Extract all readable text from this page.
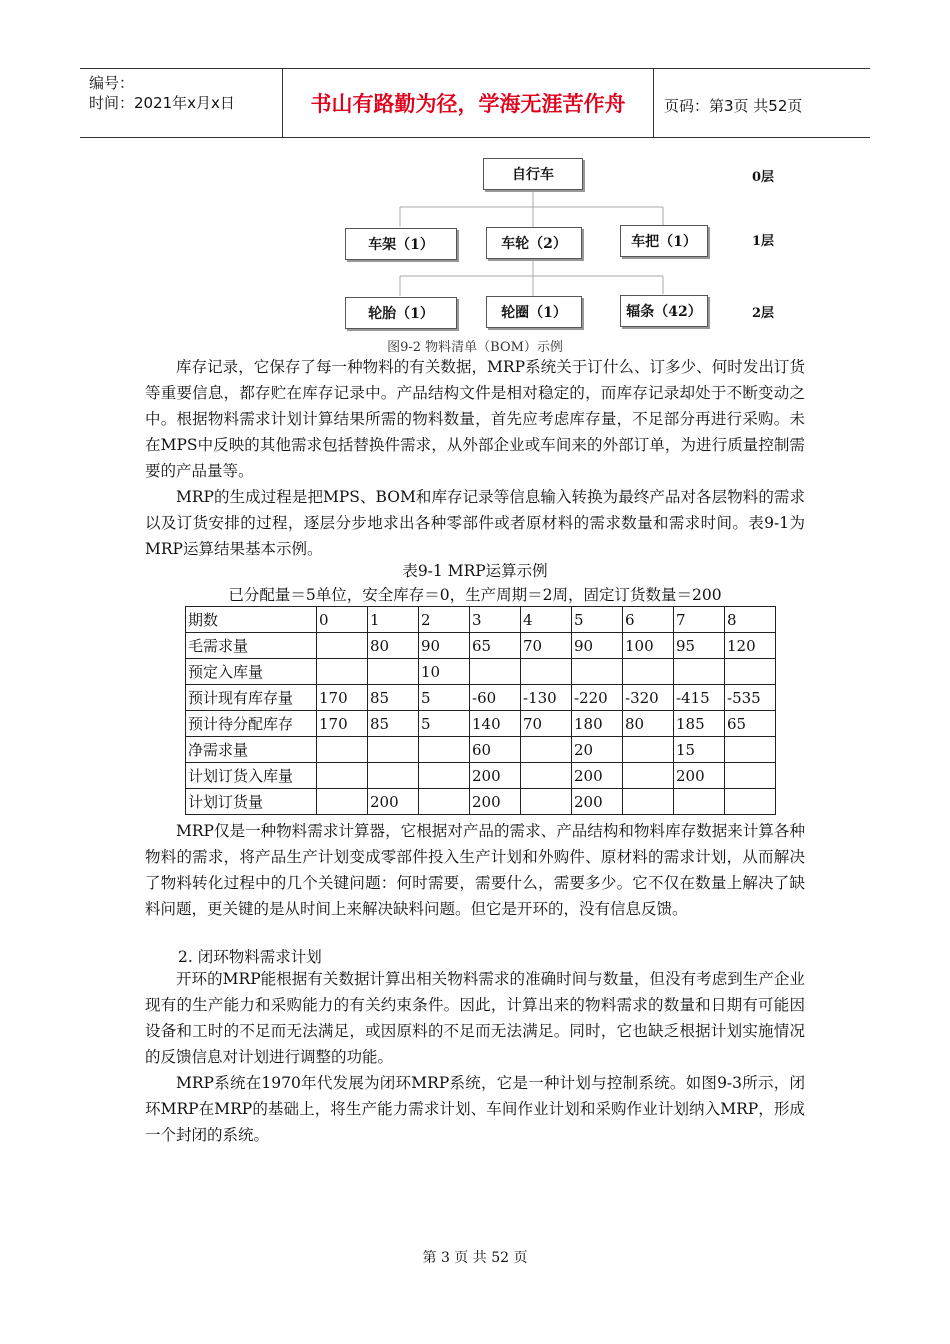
编号：
时间：2021年x月x日	书山有路勤为径，学海无涯苦作舟	页码：第3页 共52页
自行车
车架（1）	车轮（2）	车把（1）
轮胎（1）	轮圈（1）	辐条（42）
0层
1层
2层
图9-2 物料清单（BOM）示例

库存记录，它保存了每一种物料的有关数据，MRP系统关于订什么、订多少、何时发出订货等重要信息，都存贮在库存记录中。产品结构文件是相对稳定的，而库存记录却处于不断变动之中。根据物料需求计划计算结果所需的物料数量，首先应考虑库存量，不足部分再进行采购。未在MPS中反映的其他需求包括替换件需求，从外部企业或车间来的外部订单，为进行质量控制需要的产品量等。

MRP的生成过程是把MPS、BOM和库存记录等信息输入转换为最终产品对各层物料的需求以及订货安排的过程，逐层分步地求出各种零部件或者原材料的需求数量和需求时间。表9-1为MRP运算结果基本示例。

表9-1 MRP运算示例
已分配量＝5单位，安全库存＝0，生产周期＝2周，固定订货数量＝200
期数	0	1	2	3	4	5	6	7	8
毛需求量		80	90	65	70	90	100	95	120
预定入库量			10						
预计现有库存量	170	85	5	-60	-130	-220	-320	-415	-535
预计待分配库存	170	85	5	140	70	180	80	185	65
净需求量				60		20		15	
计划订货入库量				200		200		200	
计划订货量		200		200		200			

MRP仅是一种物料需求计算器，它根据对产品的需求、产品结构和物料库存数据来计算各种物料的需求，将产品生产计划变成零部件投入生产计划和外购件、原材料的需求计划，从而解决了物料转化过程中的几个关键问题：何时需要，需要什么，需要多少。它不仅在数量上解决了缺料问题，更关键的是从时间上来解决缺料问题。但它是开环的，没有信息反馈。

2. 闭环物料需求计划

开环的MRP能根据有关数据计算出相关物料需求的准确时间与数量，但没有考虑到生产企业现有的生产能力和采购能力的有关约束条件。因此，计算出来的物料需求的数量和日期有可能因设备和工时的不足而无法满足，或因原料的不足而无法满足。同时，它也缺乏根据计划实施情况的反馈信息对计划进行调整的功能。

MRP系统在1970年代发展为闭环MRP系统，它是一种计划与控制系统。如图9-3所示，闭环MRP在MRP的基础上，将生产能力需求计划、车间作业计划和采购作业计划纳入MRP，形成一个封闭的系统。

第 3 页 共 52 页
